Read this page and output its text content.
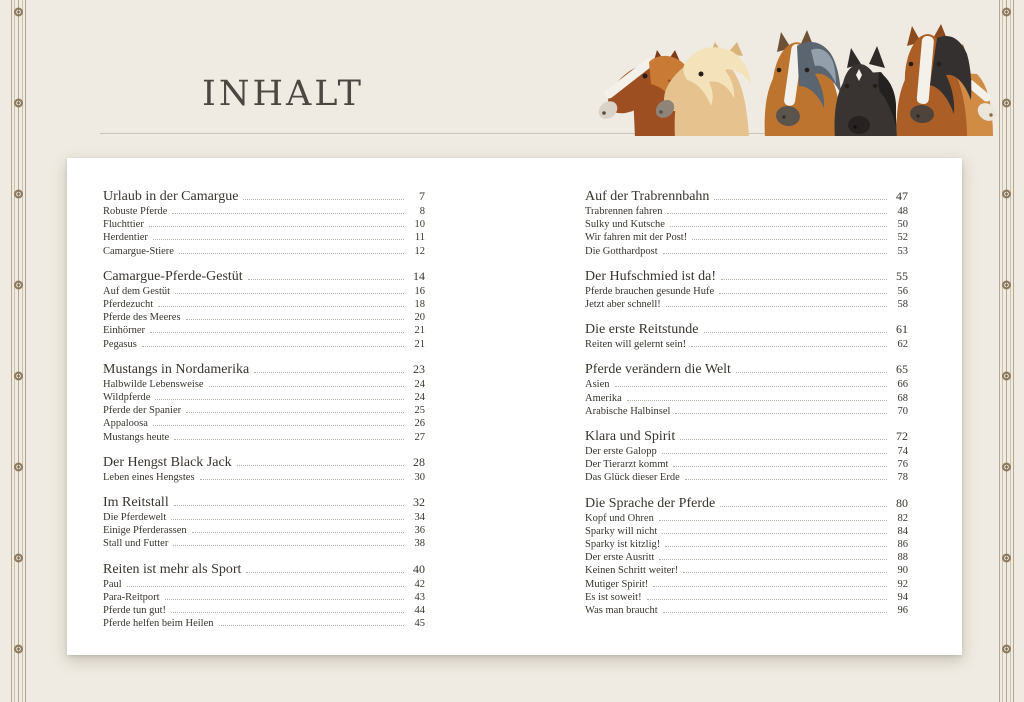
INHALT
Urlaub in der Camargue	7
Robuste Pferde	8
Fluchttier	10
Herdentier	11
Camargue-Stiere	12
Camargue-Pferde-Gestüt	14
Auf dem Gestüt	16
Pferdezucht	18
Pferde des Meeres	20
Einhörner	21
Pegasus	21
Mustangs in Nordamerika	23
Halbwilde Lebensweise	24
Wildpferde	24
Pferde der Spanier	25
Appaloosa	26
Mustangs heute	27
Der Hengst Black Jack	28
Leben eines Hengstes	30
Im Reitstall	32
Die Pferdewelt	34
Einige Pferderassen	36
Stall und Futter	38
Reiten ist mehr als Sport	40
Paul	42
Para-Reitport	43
Pferde tun gut!	44
Pferde helfen beim Heilen	45
Auf der Trabrennbahn	47
Trabrennen fahren	48
Sulky und Kutsche	50
Wir fahren mit der Post!	52
Die Gotthardpost	53
Der Hufschmied ist da!	55
Pferde brauchen gesunde Hufe	56
Jetzt aber schnell!	58
Die erste Reitstunde	61
Reiten will gelernt sein!	62
Pferde verändern die Welt	65
Asien	66
Amerika	68
Arabische Halbinsel	70
Klara und Spirit	72
Der erste Galopp	74
Der Tierarzt kommt	76
Das Glück dieser Erde	78
Die Sprache der Pferde	80
Kopf und Ohren	82
Sparky will nicht	84
Sparky ist kitzlig!	86
Der erste Ausritt	88
Keinen Schritt weiter!	90
Mutiger Spirit!	92
Es ist soweit!	94
Was man braucht	96
